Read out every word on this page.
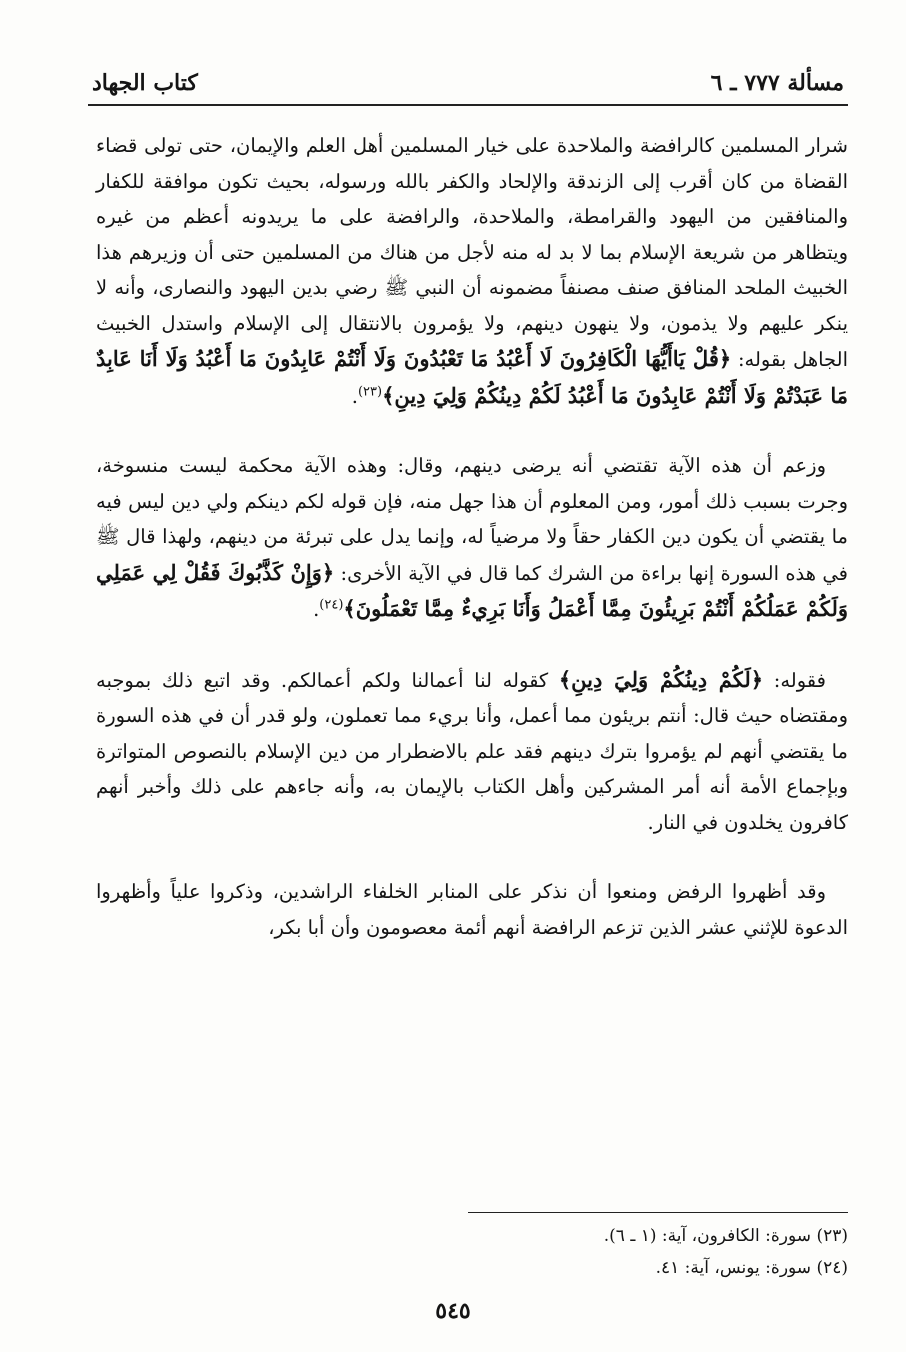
مسألة ٧٧٧ ـ ٦
كتاب الجهاد

شرار المسلمين كالرافضة والملاحدة على خيار المسلمين أهل العلم والإيمان، حتى تولى قضاء القضاة من كان أقرب إلى الزندقة والإلحاد والكفر بالله ورسوله، بحيث تكون موافقة للكفار والمنافقين من اليهود والقرامطة، والملاحدة، والرافضة على ما يريدونه أعظم من غيره ويتظاهر من شريعة الإسلام بما لا بد له منه لأجل من هناك من المسلمين حتى أن وزيرهم هذا الخبيث الملحد المنافق صنف مصنفاً مضمونه أن النبي ﷺ رضي بدين اليهود والنصارى، وأنه لا ينكر عليهم ولا يذمون، ولا ينهون دينهم، ولا يؤمرون بالانتقال إلى الإسلام واستدل الخبيث الجاهل بقوله: ﴿قُلْ يَاأَيُّهَا الْكَافِرُونَ لَا أَعْبُدُ مَا تَعْبُدُونَ وَلَا أَنْتُمْ عَابِدُونَ مَا أَعْبُدُ وَلَا أَنَا عَابِدٌ مَا عَبَدْتُمْ وَلَا أَنْتُمْ عَابِدُونَ مَا أَعْبُدُ لَكُمْ دِينُكُمْ وَلِيَ دِينِ﴾$^{(٢٣)}$.

وزعم أن هذه الآية تقتضي أنه يرضى دينهم، وقال: وهذه الآية محكمة ليست منسوخة، وجرت بسبب ذلك أمور، ومن المعلوم أن هذا جهل منه، فإن قوله لكم دينكم ولي دين ليس فيه ما يقتضي أن يكون دين الكفار حقاً ولا مرضياً له، وإنما يدل على تبرئة من دينهم، ولهذا قال ﷺ في هذه السورة إنها براءة من الشرك كما قال في الآية الأخرى: ﴿وَإِنْ كَذَّبُوكَ فَقُلْ لِي عَمَلِي وَلَكُمْ عَمَلُكُمْ أَنْتُمْ بَرِيئُونَ مِمَّا أَعْمَلُ وَأَنَا بَرِيءٌ مِمَّا تَعْمَلُونَ﴾$^{(٢٤)}$.

فقوله: ﴿لَكُمْ دِينُكُمْ وَلِيَ دِينِ﴾ كقوله لنا أعمالنا ولكم أعمالكم. وقد اتبع ذلك بموجبه ومقتضاه حيث قال: أنتم بريئون مما أعمل، وأنا بريء مما تعملون، ولو قدر أن في هذه السورة ما يقتضي أنهم لم يؤمروا بترك دينهم فقد علم بالاضطرار من دين الإسلام بالنصوص المتواترة وبإجماع الأمة أنه أمر المشركين وأهل الكتاب بالإيمان به، وأنه جاءهم على ذلك وأخبر أنهم كافرون يخلدون في النار.

وقد أظهروا الرفض ومنعوا أن نذكر على المنابر الخلفاء الراشدين، وذكروا علياً وأظهروا الدعوة للإثني عشر الذين تزعم الرافضة أنهم أئمة معصومون وأن أبا بكر،

(٢٣) سورة: الكافرون، آية: (١ ـ ٦).

(٢٤) سورة: يونس، آية: ٤١.

٥٤٥
